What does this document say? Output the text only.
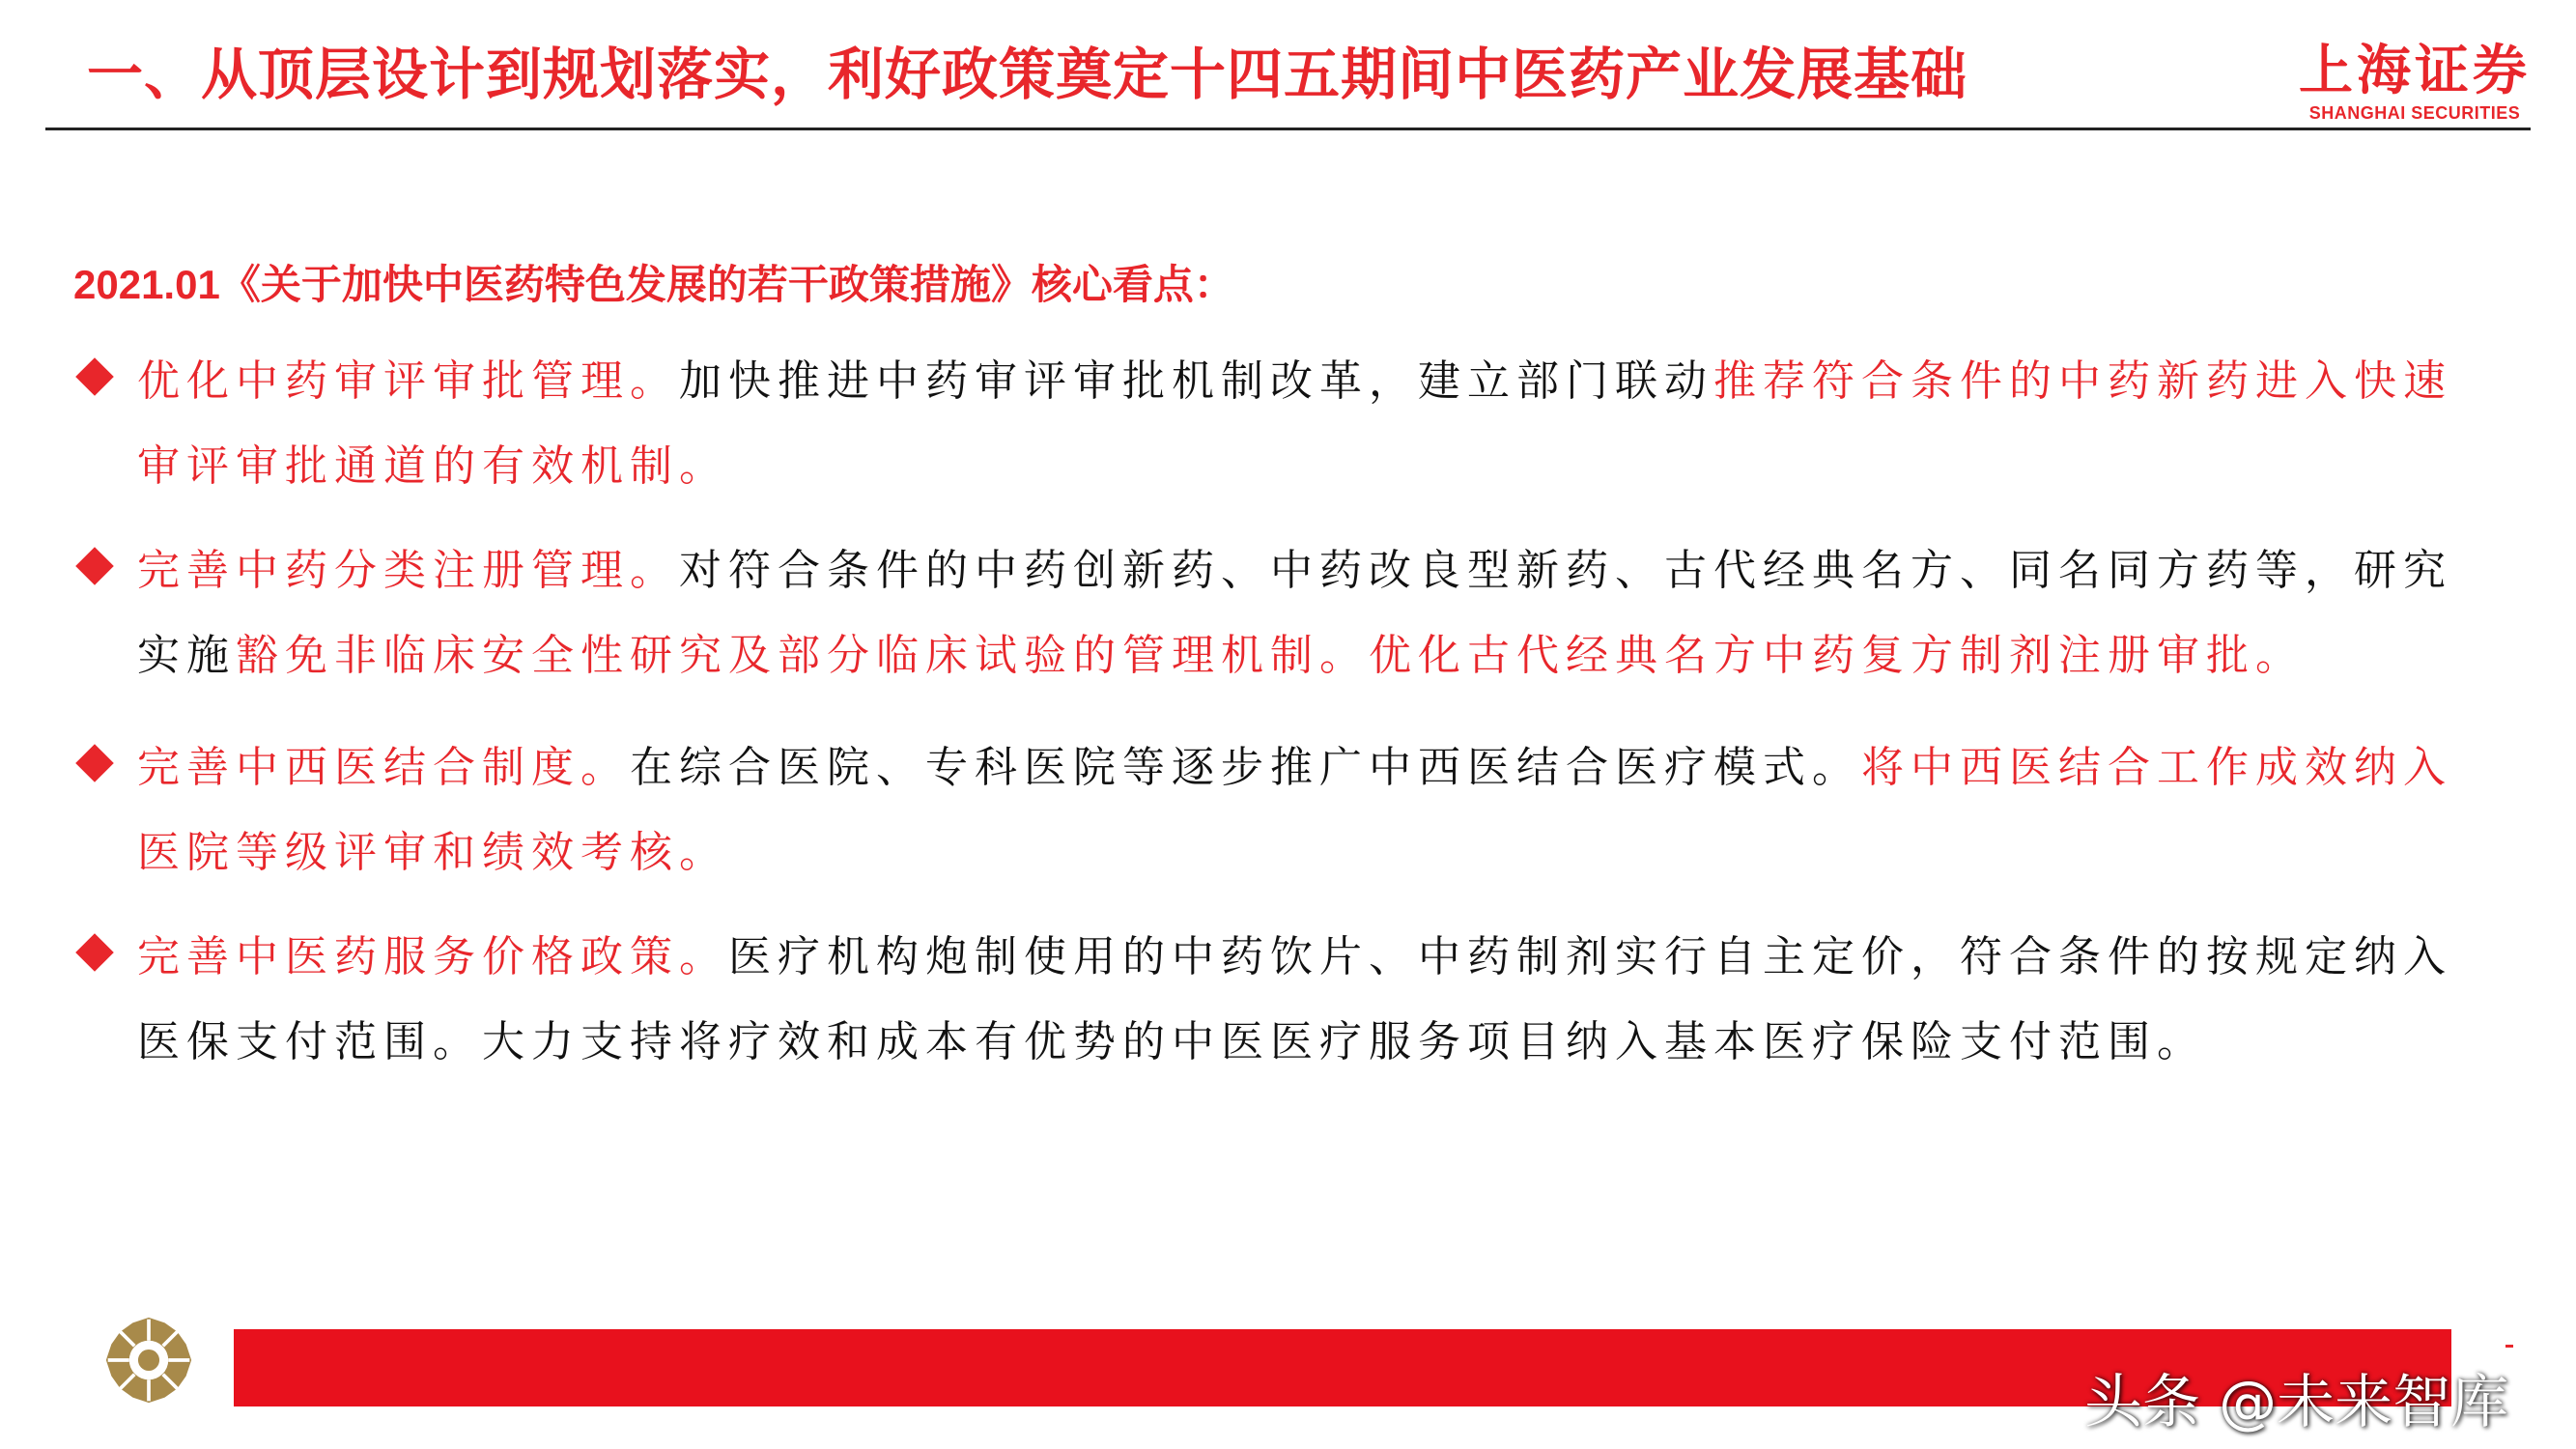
一、从顶层设计到规划落实，利好政策奠定十四五期间中医药产业发展基础	上海证券
SHANGHAI SECURITIES
2021.01《关于加快中医药特色发展的若干政策措施》核心看点：
优化中药审评审批管理。加快推进中药审评审批机制改革，建立部门联动推荐符合条件的中药新药进入快速
审评审批通道的有效机制。
完善中药分类注册管理。对符合条件的中药创新药、中药改良型新药、古代经典名方、同名同方药等，研究
实施豁免非临床安全性研究及部分临床试验的管理机制。优化古代经典名方中药复方制剂注册审批。
完善中西医结合制度。在综合医院、专科医院等逐步推广中西医结合医疗模式。将中西医结合工作成效纳入
医院等级评审和绩效考核。
完善中医药服务价格政策。医疗机构炮制使用的中药饮片、中药制剂实行自主定价，符合条件的按规定纳入
医保支付范围。大力支持将疗效和成本有优势的中医医疗服务项目纳入基本医疗保险支付范围。
头条 @未来智库
